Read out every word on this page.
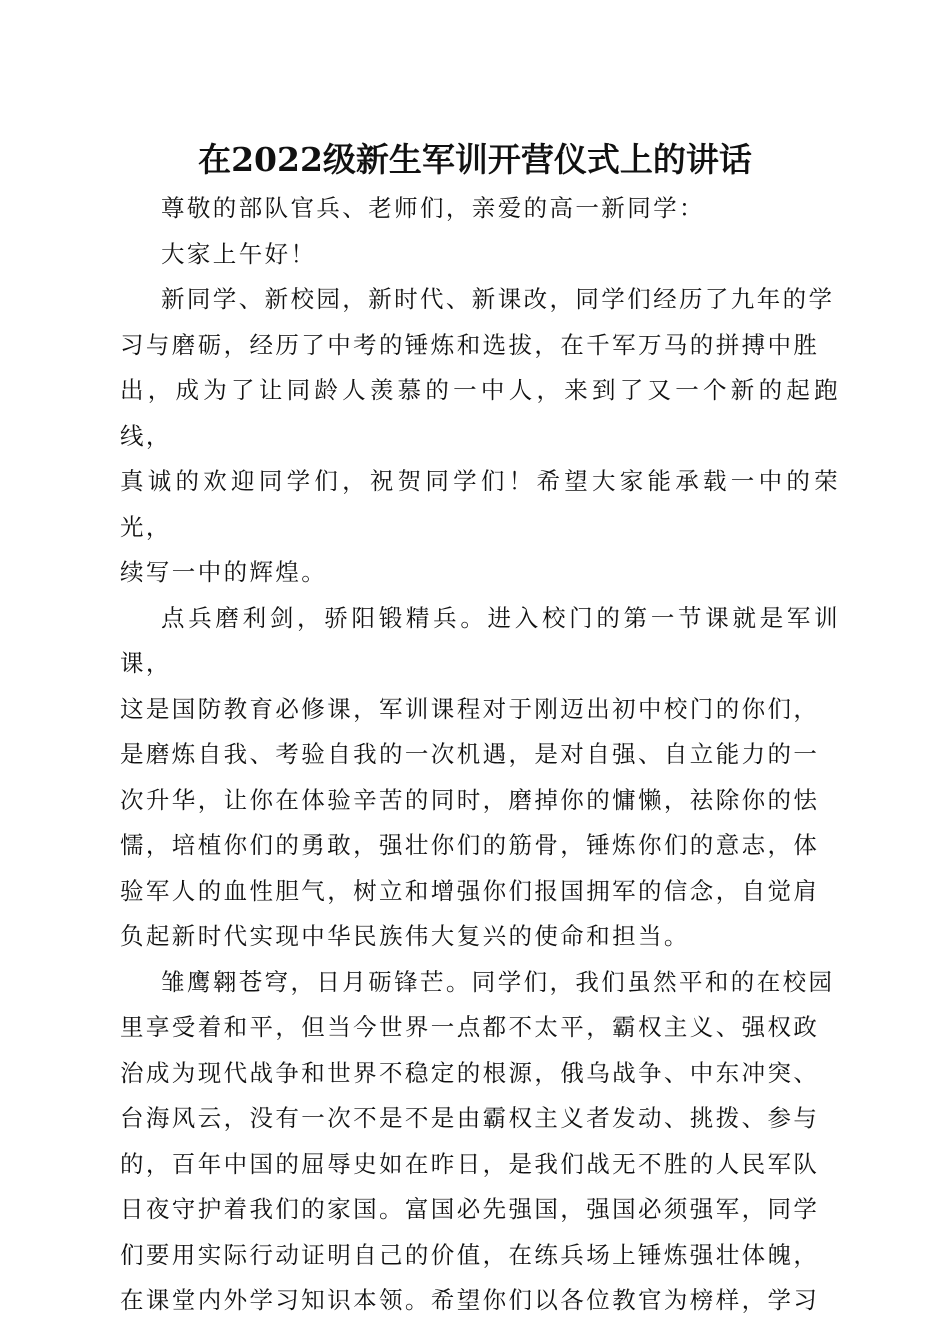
在2022级新生军训开营仪式上的讲话

尊敬的部队官兵、老师们，亲爱的高一新同学：

大家上午好！

新同学、新校园，新时代、新课改，同学们经历了九年的学
习与磨砺，经历了中考的锤炼和选拔，在千军万马的拼搏中胜
出，成为了让同龄人羡慕的一中人，来到了又一个新的起跑线，
真诚的欢迎同学们，祝贺同学们！希望大家能承载一中的荣光，
续写一中的辉煌。

点兵磨利剑，骄阳锻精兵。进入校门的第一节课就是军训课，
这是国防教育必修课，军训课程对于刚迈出初中校门的你们，
是磨炼自我、考验自我的一次机遇，是对自强、自立能力的一
次升华，让你在体验辛苦的同时，磨掉你的慵懒，祛除你的怯
懦，培植你们的勇敢，强壮你们的筋骨，锤炼你们的意志，体
验军人的血性胆气，树立和增强你们报国拥军的信念，自觉肩
负起新时代实现中华民族伟大复兴的使命和担当。

雏鹰翱苍穹，日月砺锋芒。同学们，我们虽然平和的在校园
里享受着和平，但当今世界一点都不太平，霸权主义、强权政
治成为现代战争和世界不稳定的根源，俄乌战争、中东冲突、
台海风云，没有一次不是不是由霸权主义者发动、挑拨、参与
的，百年中国的屈辱史如在昨日，是我们战无不胜的人民军队
日夜守护着我们的家国。富国必先强国，强国必须强军，同学
们要用实际行动证明自己的价值，在练兵场上锤炼强壮体魄，
在课堂内外学习知识本领。希望你们以各位教官为榜样，学习
